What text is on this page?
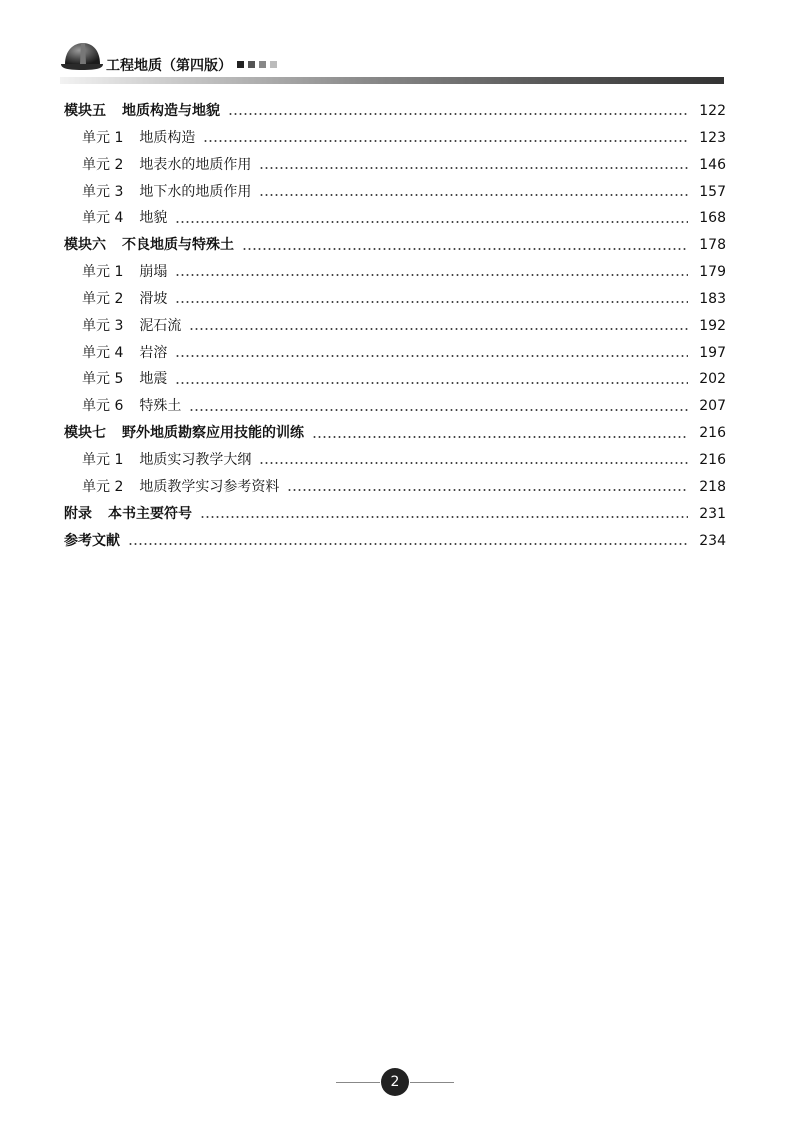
工程地质（第四版）
模块五 地质构造与地貌	122
单元 1 地质构造	123
单元 2 地表水的地质作用	146
单元 3 地下水的地质作用	157
单元 4 地貌	168
模块六 不良地质与特殊土	178
单元 1 崩塌	179
单元 2 滑坡	183
单元 3 泥石流	192
单元 4 岩溶	197
单元 5 地震	202
单元 6 特殊土	207
模块七 野外地质勘察应用技能的训练	216
单元 1 地质实习教学大纲	216
单元 2 地质教学实习参考资料	218
附录 本书主要符号	231
参考文献	234
2
